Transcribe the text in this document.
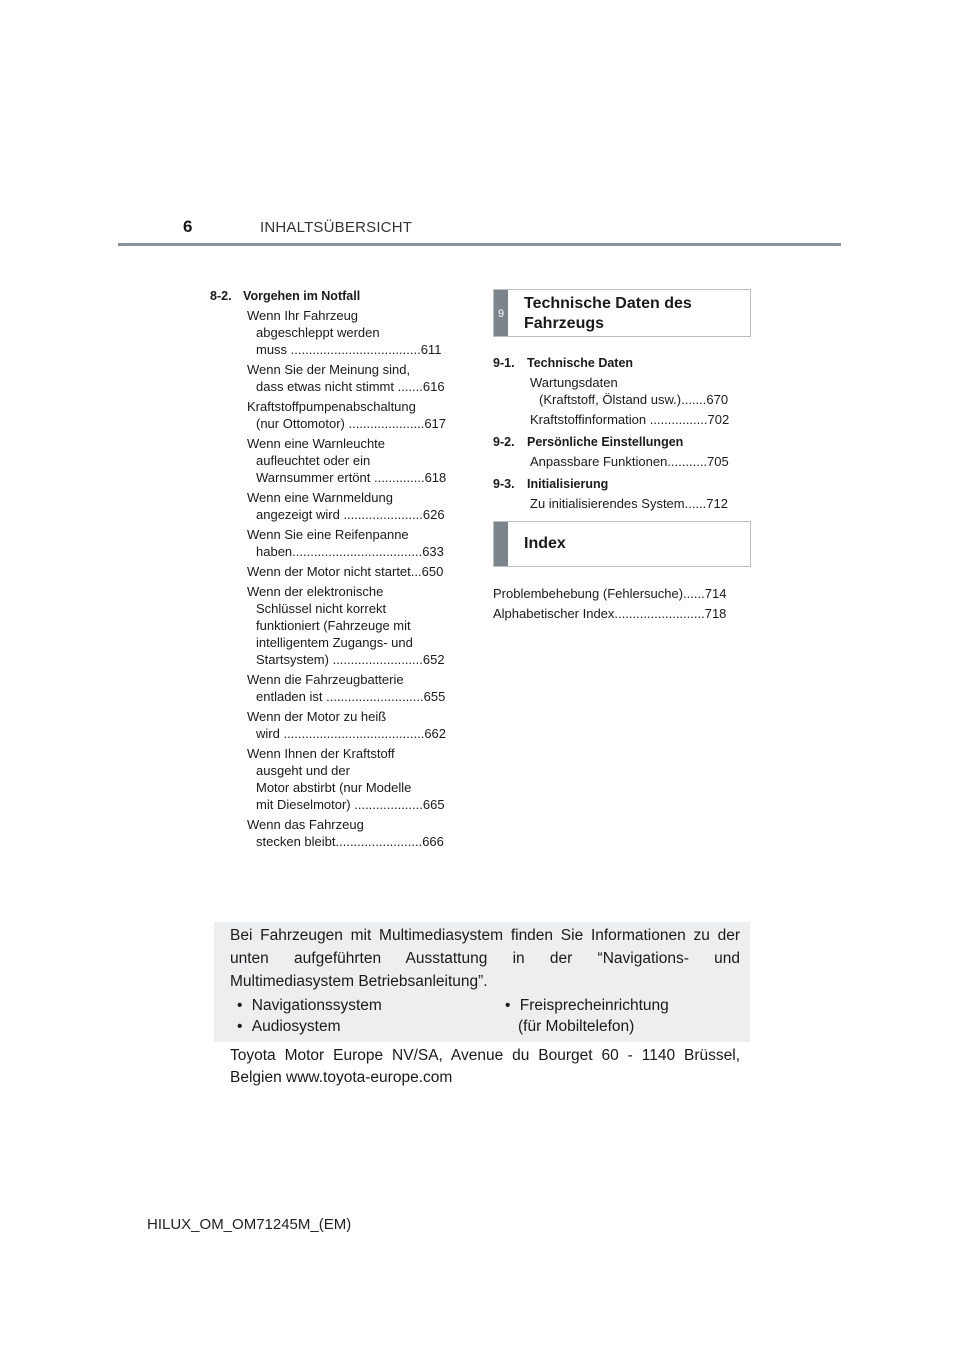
6	INHALTSÜBERSICHT
8-2. Vorgehen im Notfall
Wenn Ihr Fahrzeug
abgeschleppt werden
muss ....................................611
Wenn Sie der Meinung sind,
dass etwas nicht stimmt .......616
Kraftstoffpumpenabschaltung
(nur Ottomotor) .....................617
Wenn eine Warnleuchte
aufleuchtet oder ein
Warnsummer ertönt ..............618
Wenn eine Warnmeldung
angezeigt wird ......................626
Wenn Sie eine Reifenpanne
haben....................................633
Wenn der Motor nicht startet...650
Wenn der elektronische
Schlüssel nicht korrekt
funktioniert (Fahrzeuge mit
intelligentem Zugangs- und
Startsystem) .........................652
Wenn die Fahrzeugbatterie
entladen ist ...........................655
Wenn der Motor zu heiß
wird .......................................662
Wenn Ihnen der Kraftstoff
ausgeht und der
Motor abstirbt (nur Modelle
mit Dieselmotor) ...................665
Wenn das Fahrzeug
stecken bleibt........................666
9
Technische Daten des
Fahrzeugs
9-1. Technische Daten
Wartungsdaten
(Kraftstoff, Ölstand usw.).......670
Kraftstoffinformation ................702
9-2. Persönliche Einstellungen
Anpassbare Funktionen...........705
9-3. Initialisierung
Zu initialisierendes System......712
Index
Problembehebung (Fehlersuche)......714
Alphabetischer Index.........................718
Bei Fahrzeugen mit Multimediasystem finden Sie Informationen zu der unten aufgeführten Ausstattung in der “Navigations- und Multimediasystem Betriebsanleitung”.
• Navigationssystem
• Audiosystem
• Freisprecheinrichtung
(für Mobiltelefon)
Toyota Motor Europe NV/SA, Avenue du Bourget 60 - 1140 Brüssel, Belgien www.toyota-europe.com
HILUX_OM_OM71245M_(EM)
